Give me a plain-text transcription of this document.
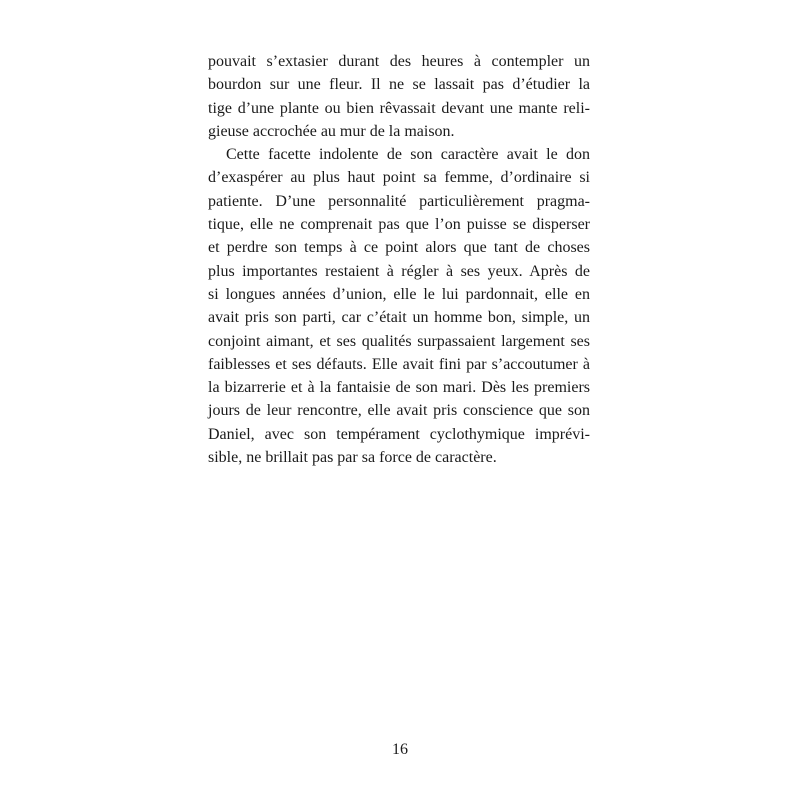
pouvait s’extasier durant des heures à contempler un
bourdon sur une fleur. Il ne se lassait pas d’étudier la
tige d’une plante ou bien rêvassait devant une mante reli-
gieuse accrochée au mur de la maison.
Cette facette indolente de son caractère avait le don
d’exaspérer au plus haut point sa femme, d’ordinaire si
patiente. D’une personnalité particulièrement pragma-
tique, elle ne comprenait pas que l’on puisse se disperser
et perdre son temps à ce point alors que tant de choses
plus importantes restaient à régler à ses yeux. Après de
si longues années d’union, elle le lui pardonnait, elle en
avait pris son parti, car c’était un homme bon, simple, un
conjoint aimant, et ses qualités surpassaient largement ses
faiblesses et ses défauts. Elle avait fini par s’accoutumer à
la bizarrerie et à la fantaisie de son mari. Dès les premiers
jours de leur rencontre, elle avait pris conscience que son
Daniel, avec son tempérament cyclothymique imprévi-
sible, ne brillait pas par sa force de caractère.
16
